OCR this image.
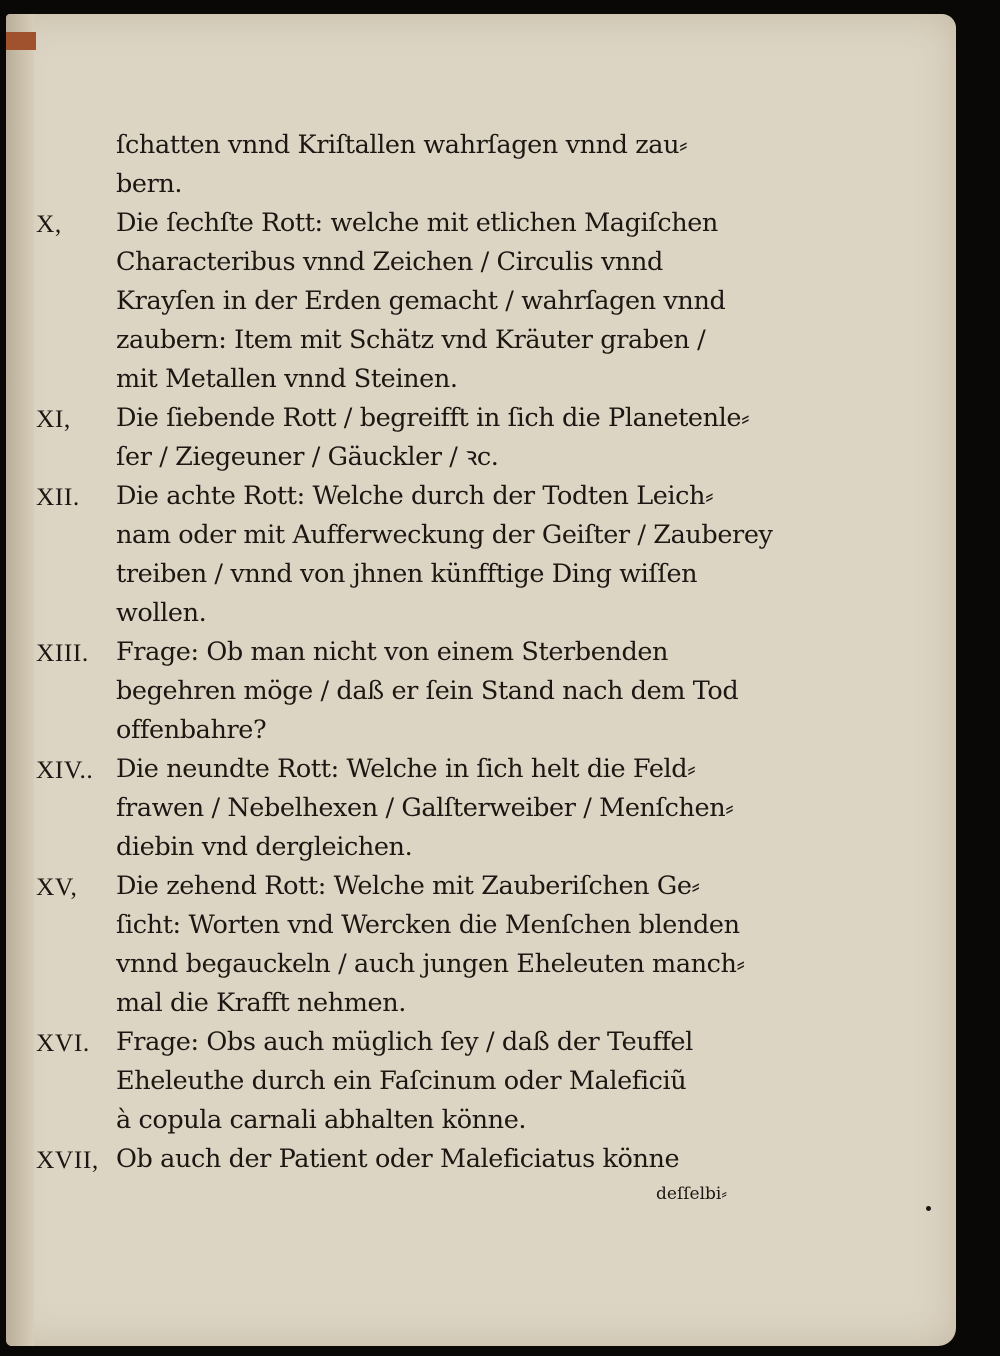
ſchatten vnnd Kriſtallen wahrſagen vnnd zau⸗
bern.
X, Die ſechſte Rott: welche mit etlichen Magiſchen
Characteribus vnnd Zeichen / Circulis vnnd
Krayſen in der Erden gemacht / wahrſagen vnnd
zaubern: Item mit Schätz vnd Kräuter graben /
mit Metallen vnnd Steinen.
XI, Die ſiebende Rott / begreifft in ſich die Planetenle⸗
ſer / Ziegeuner / Gäuckler / ꝛc.
XII. Die achte Rott: Welche durch der Todten Leich⸗
nam oder mit Aufferweckung der Geiſter / Zauberey
treiben / vnnd von jhnen künfftige Ding wiſſen
wollen.
XIII. Frage: Ob man nicht von einem Sterbenden
begehren möge / daß er ſein Stand nach dem Tod
offenbahre?
XIV.. Die neundte Rott: Welche in ſich helt die Feld⸗
frawen / Nebelhexen / Galſterweiber / Menſchen⸗
diebin vnd dergleichen.
XV, Die zehend Rott: Welche mit Zauberiſchen Ge⸗
ſicht: Worten vnd Wercken die Menſchen blenden
vnnd begauckeln / auch jungen Eheleuten manch⸗
mal die Krafft nehmen.
XVI. Frage: Obs auch müglich ſey / daß der Teuffel
Eheleuthe durch ein Faſcinum oder Maleficiũ
à copula carnali abhalten könne.
XVII, Ob auch der Patient oder Maleficiatus könne
deſſelbi⸗
